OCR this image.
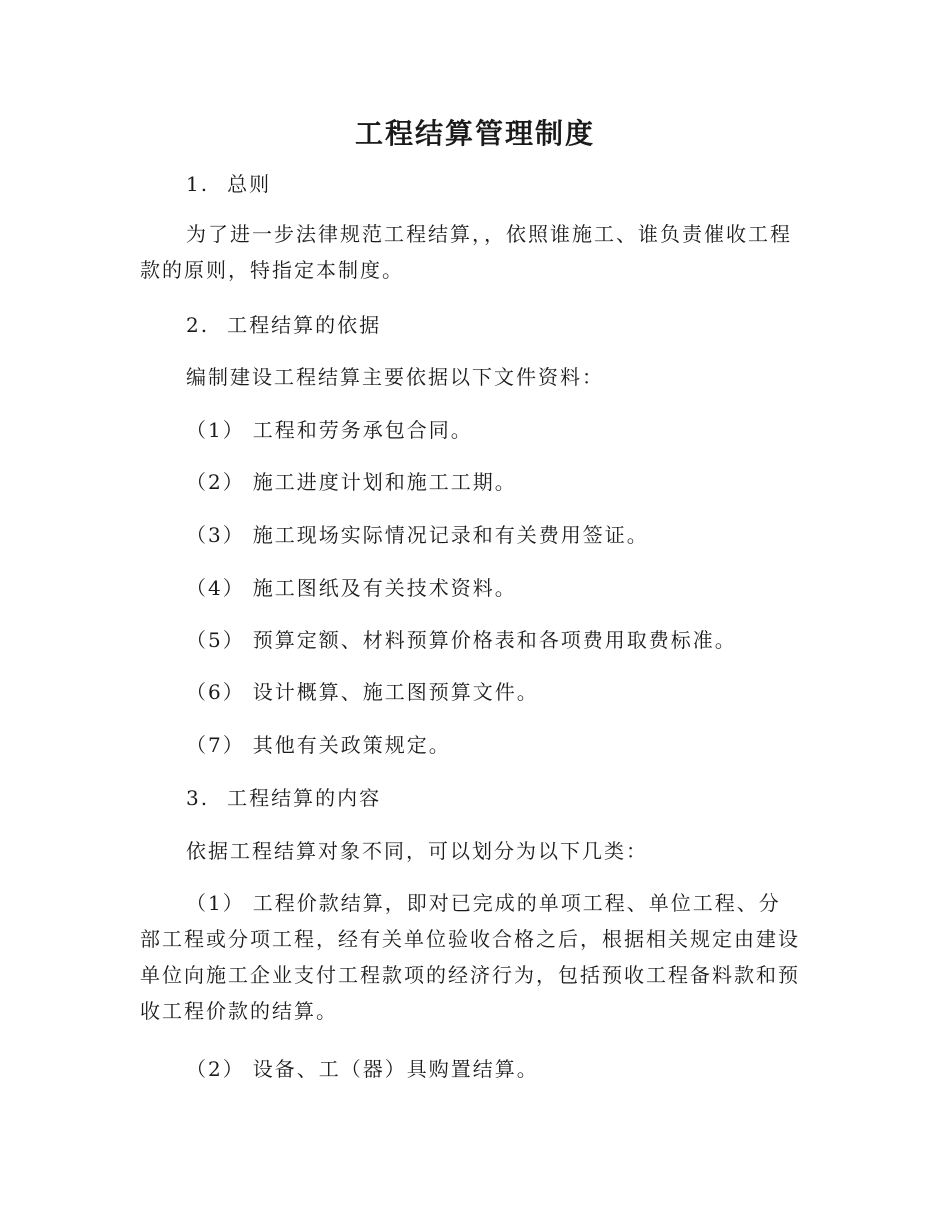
工程结算管理制度
1. 总则
为了进一步法律规范工程结算，，依照谁施工、谁负责催收工程款的原则，特指定本制度。
2. 工程结算的依据
编制建设工程结算主要依据以下文件资料：
（1） 工程和劳务承包合同。
（2） 施工进度计划和施工工期。
（3） 施工现场实际情况记录和有关费用签证。
（4） 施工图纸及有关技术资料。
（5） 预算定额、材料预算价格表和各项费用取费标准。
（6） 设计概算、施工图预算文件。
（7） 其他有关政策规定。
3. 工程结算的内容
依据工程结算对象不同，可以划分为以下几类：
（1） 工程价款结算，即对已完成的单项工程、单位工程、分部工程或分项工程，经有关单位验收合格之后，根据相关规定由建设单位向施工企业支付工程款项的经济行为，包括预收工程备料款和预收工程价款的结算。
（2） 设备、工（器）具购置结算。
